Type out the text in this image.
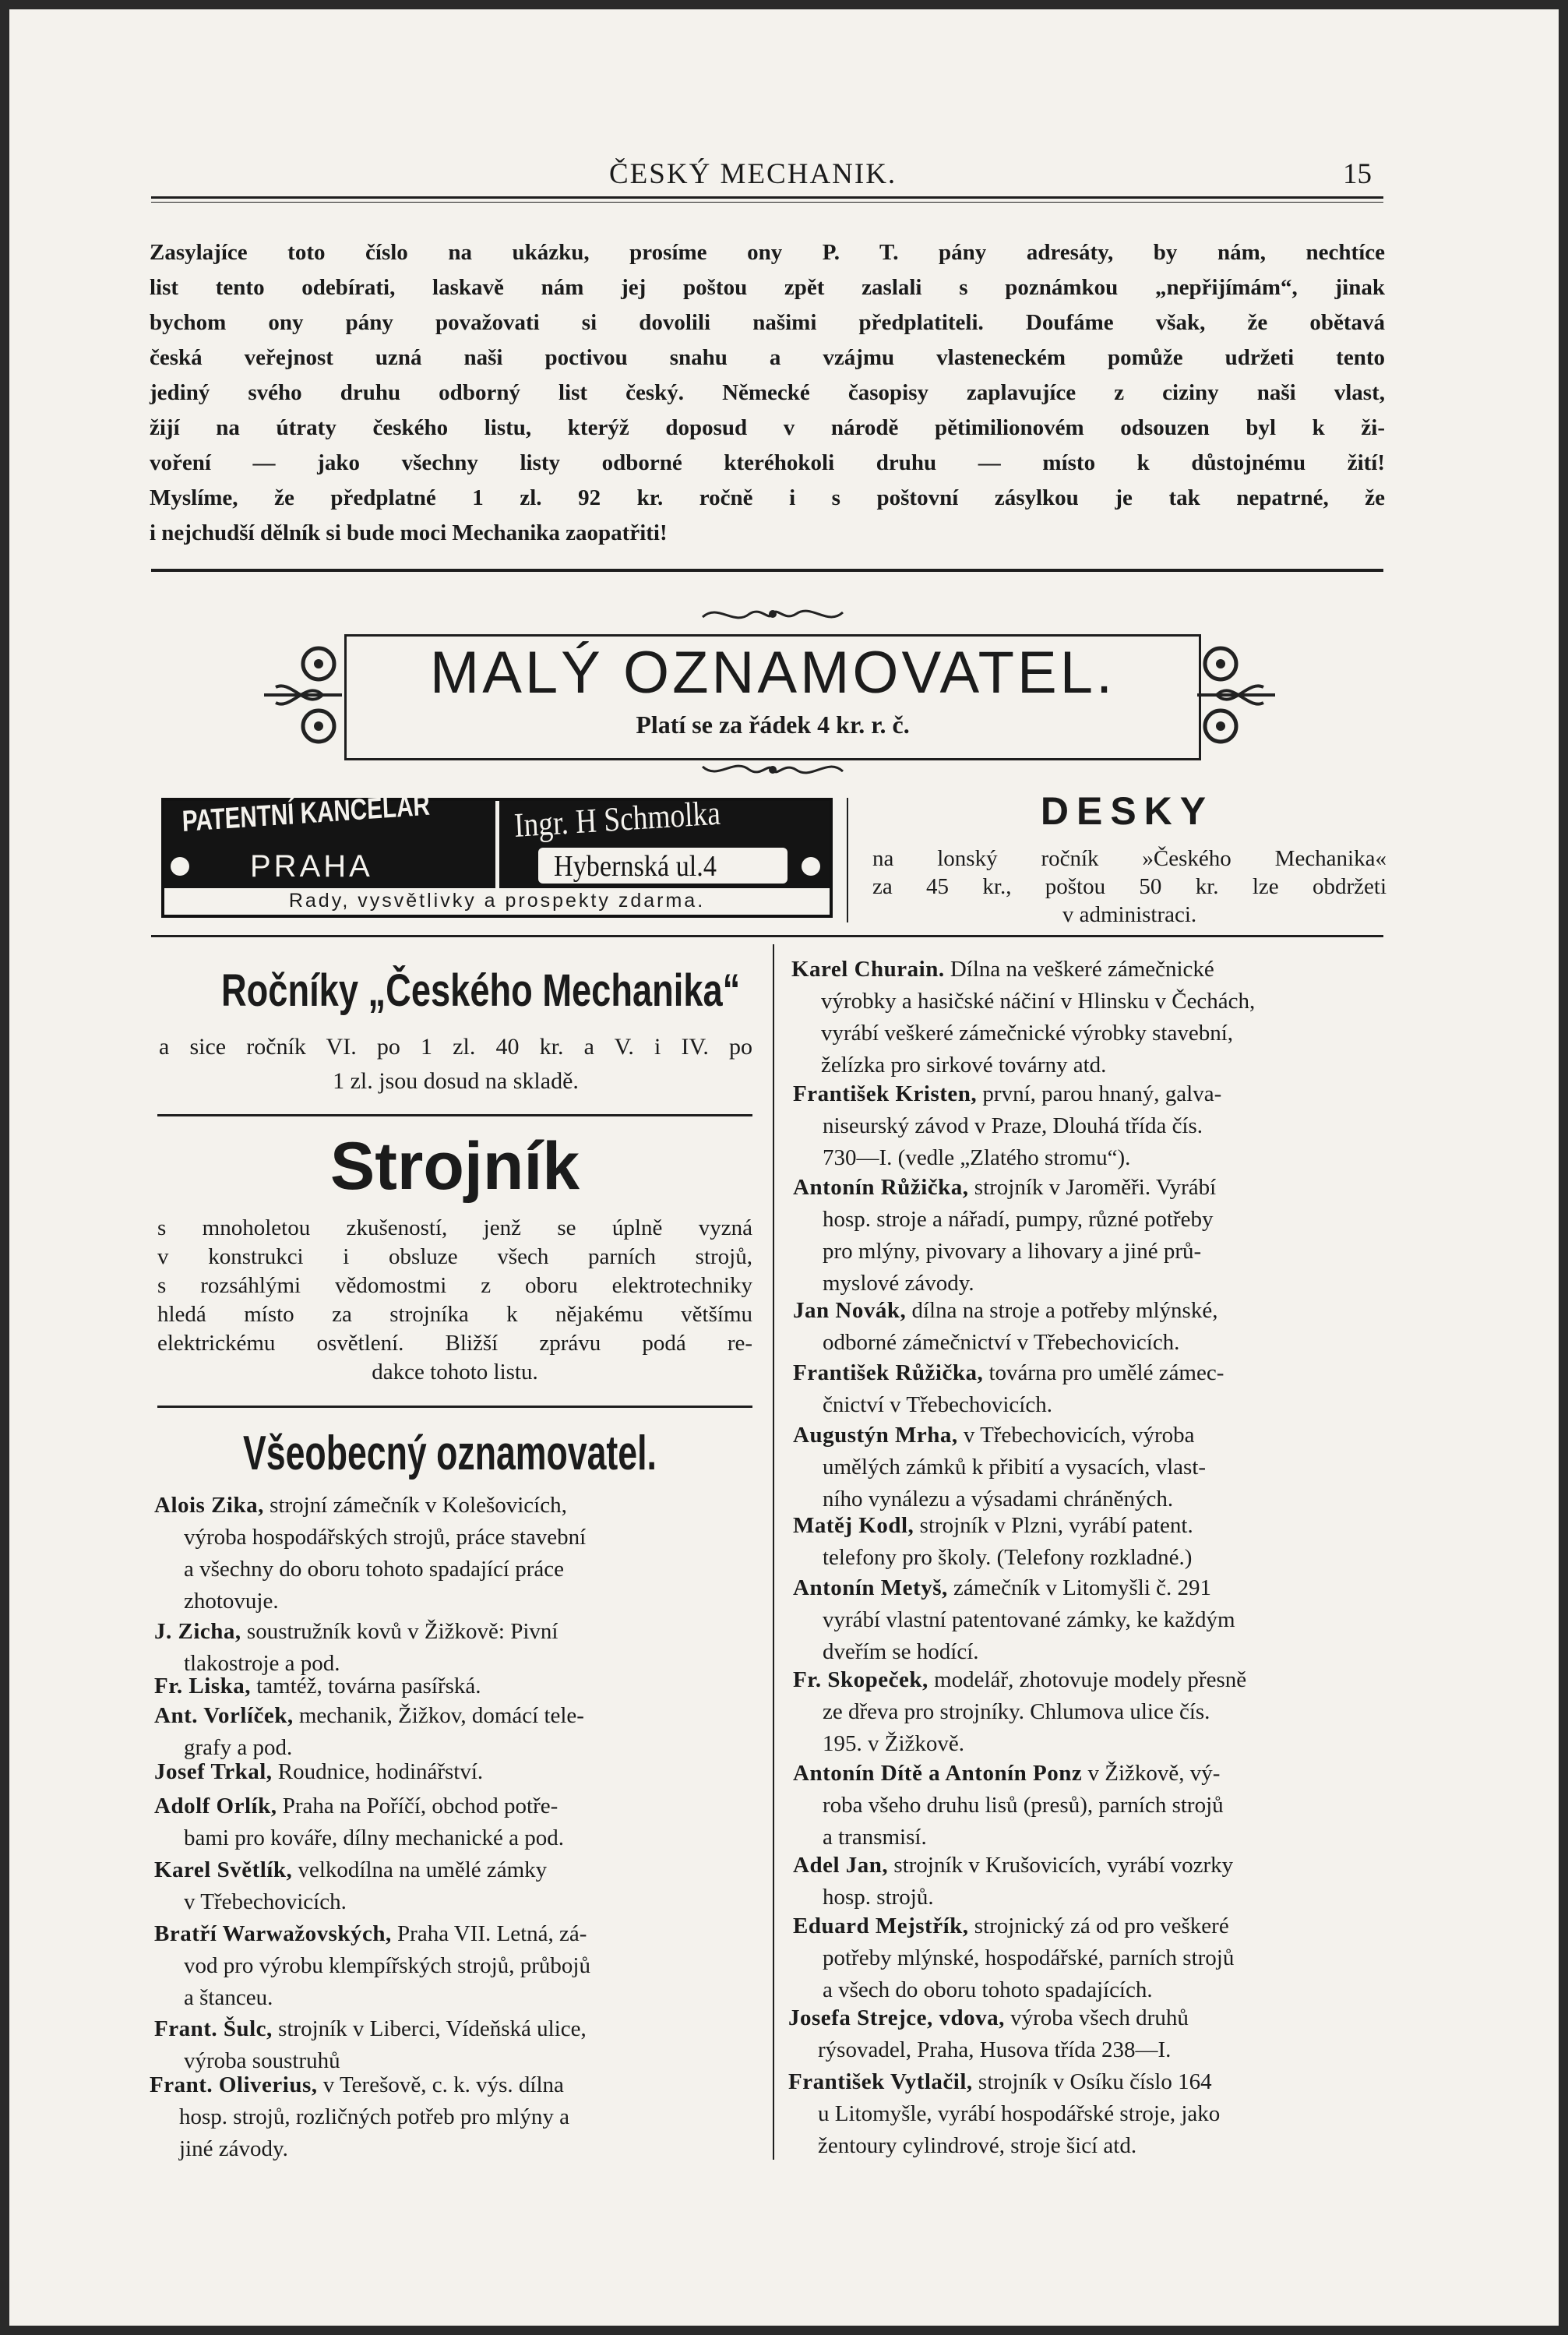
ČESKÝ MECHANIK.	15
Zasylajíce toto číslo na ukázku, prosíme ony P. T. pány adresáty, by nám, nechtíce
list tento odebírati, laskavě nám jej poštou zpět zaslali s poznámkou „nepřijímám“, jinak
bychom ony pány považovati si dovolili našimi předplatiteli. Doufáme však, že obětavá
česká veřejnost uzná naši poctivou snahu a vzájmu vlasteneckém pomůže udržeti tento
jediný svého druhu odborný list český. Německé časopisy zaplavujíce z ciziny naši vlast,
žijí na útraty českého listu, kterýž doposud v národě pětimilionovém odsouzen byl k ži-
voření — jako všechny listy odborné kteréhokoli druhu — místo k důstojnému žití!
Myslíme, že předplatné 1 zl. 92 kr. ročně i s poštovní zásylkou je tak nepatrné, že
i nejchudší dělník si bude moci Mechanika zaopatřiti!
MALÝ OZNAMOVATEL.
Platí se za řádek 4 kr. r. č.
PATENTNÍ KANCELÁŘ
PRAHA
Ingr. H Schmolka
Hybernská ul.4
Rady, vysvětlivky a prospekty zdarma.
DESKY
na lonský ročník »Českého Mechanika«
za 45 kr., poštou 50 kr. lze obdržeti
v administraci.
Ročníky „Českého Mechanika“
a sice ročník VI. po 1 zl. 40 kr. a V. i IV. po
1 zl. jsou dosud na skladě.
Strojník
s mnoholetou zkušeností, jenž se úplně vyzná
v konstrukci i obsluze všech parních strojů,
s rozsáhlými vědomostmi z oboru elektrotechniky
hledá místo za strojníka k nějakému většímu
elektrickému osvětlení. Bližší zprávu podá re-
dakce tohoto listu.
Všeobecný oznamovatel.
Alois Zika, strojní zámečník v Kolešovicích,
výroba hospodářských strojů, práce stavební
a všechny do oboru tohoto spadající práce
zhotovuje.
J. Zicha, soustružník kovů v Žižkově: Pivní
tlakostroje a pod.
Fr. Liska, tamtéž, továrna pasířská.
Ant. Vorlíček, mechanik, Žižkov, domácí tele-
grafy a pod.
Josef Trkal, Roudnice, hodinářství.
Adolf Orlík, Praha na Poříčí, obchod potře-
bami pro kováře, dílny mechanické a pod.
Karel Světlík, velkodílna na umělé zámky
v Třebechovicích.
Bratří Warwažovských, Praha VII. Letná, zá-
vod pro výrobu klempířských strojů, průbojů
a štanceu.
Frant. Šulc, strojník v Liberci, Vídeňská ulice,
výroba soustruhů
Frant. Oliverius, v Terešově, c. k. výs. dílna
hosp. strojů, rozličných potřeb pro mlýny a
jiné závody.
Karel Churain. Dílna na veškeré zámečnické
výrobky a hasičské náčiní v Hlinsku v Čechách,
vyrábí veškeré zámečnické výrobky stavební,
želízka pro sirkové továrny atd.
František Kristen, první, parou hnaný, galva-
niseurský závod v Praze, Dlouhá třída čís.
730—I. (vedle „Zlatého stromu“).
Antonín Růžička, strojník v Jaroměři. Vyrábí
hosp. stroje a nářadí, pumpy, různé potřeby
pro mlýny, pivovary a lihovary a jiné prů-
myslové závody.
Jan Novák, dílna na stroje a potřeby mlýnské,
odborné zámečnictví v Třebechovicích.
František Růžička, továrna pro umělé zámec-
čnictví v Třebechovicích.
Augustýn Mrha, v Třebechovicích, výroba
umělých zámků k přibití a vysacích, vlast-
ního vynálezu a výsadami chráněných.
Matěj Kodl, strojník v Plzni, vyrábí patent.
telefony pro školy. (Telefony rozkladné.)
Antonín Metyš, zámečník v Litomyšli č. 291
vyrábí vlastní patentované zámky, ke každým
dveřím se hodící.
Fr. Skopeček, modelář, zhotovuje modely přesně
ze dřeva pro strojníky. Chlumova ulice čís.
195. v Žižkově.
Antonín Dítě a Antonín Ponz v Žižkově, vý-
roba všeho druhu lisů (presů), parních strojů
a transmisí.
Adel Jan, strojník v Krušovicích, vyrábí vozrky
hosp. strojů.
Eduard Mejstřík, strojnický zá od pro veškeré
potřeby mlýnské, hospodářské, parních strojů
a všech do oboru tohoto spadajících.
Josefa Strejce, vdova, výroba všech druhů
rýsovadel, Praha, Husova třída 238—I.
František Vytlačil, strojník v Osíku číslo 164
u Litomyšle, vyrábí hospodářské stroje, jako
žentoury cylindrové, stroje šicí atd.
